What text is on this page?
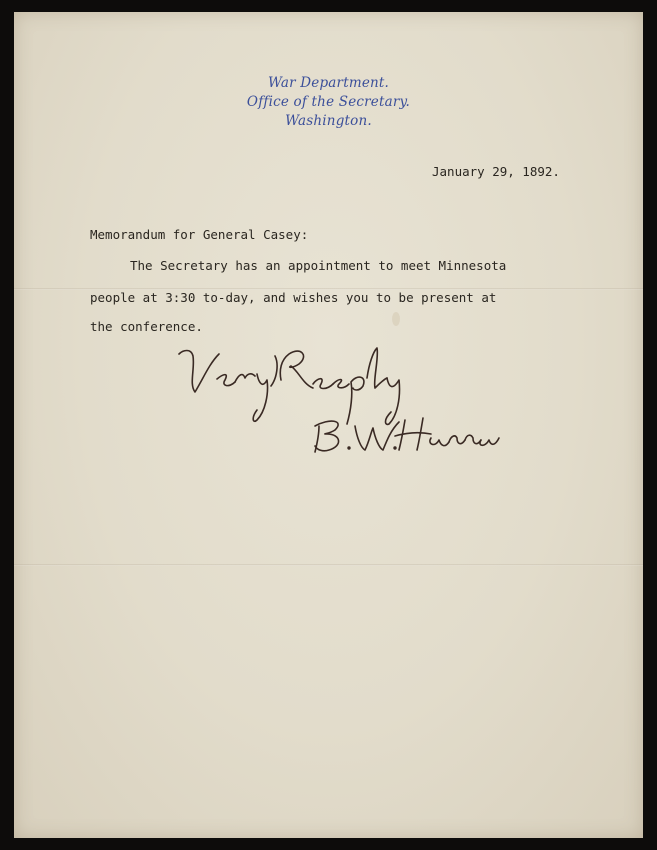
War Department.
Office of the Secretary.
Washington.
January 29, 1892.
Memorandum for General Casey:
The Secretary has an appointment to meet Minnesota
people at 3:30 to-day, and wishes you to be present at
the conference.
